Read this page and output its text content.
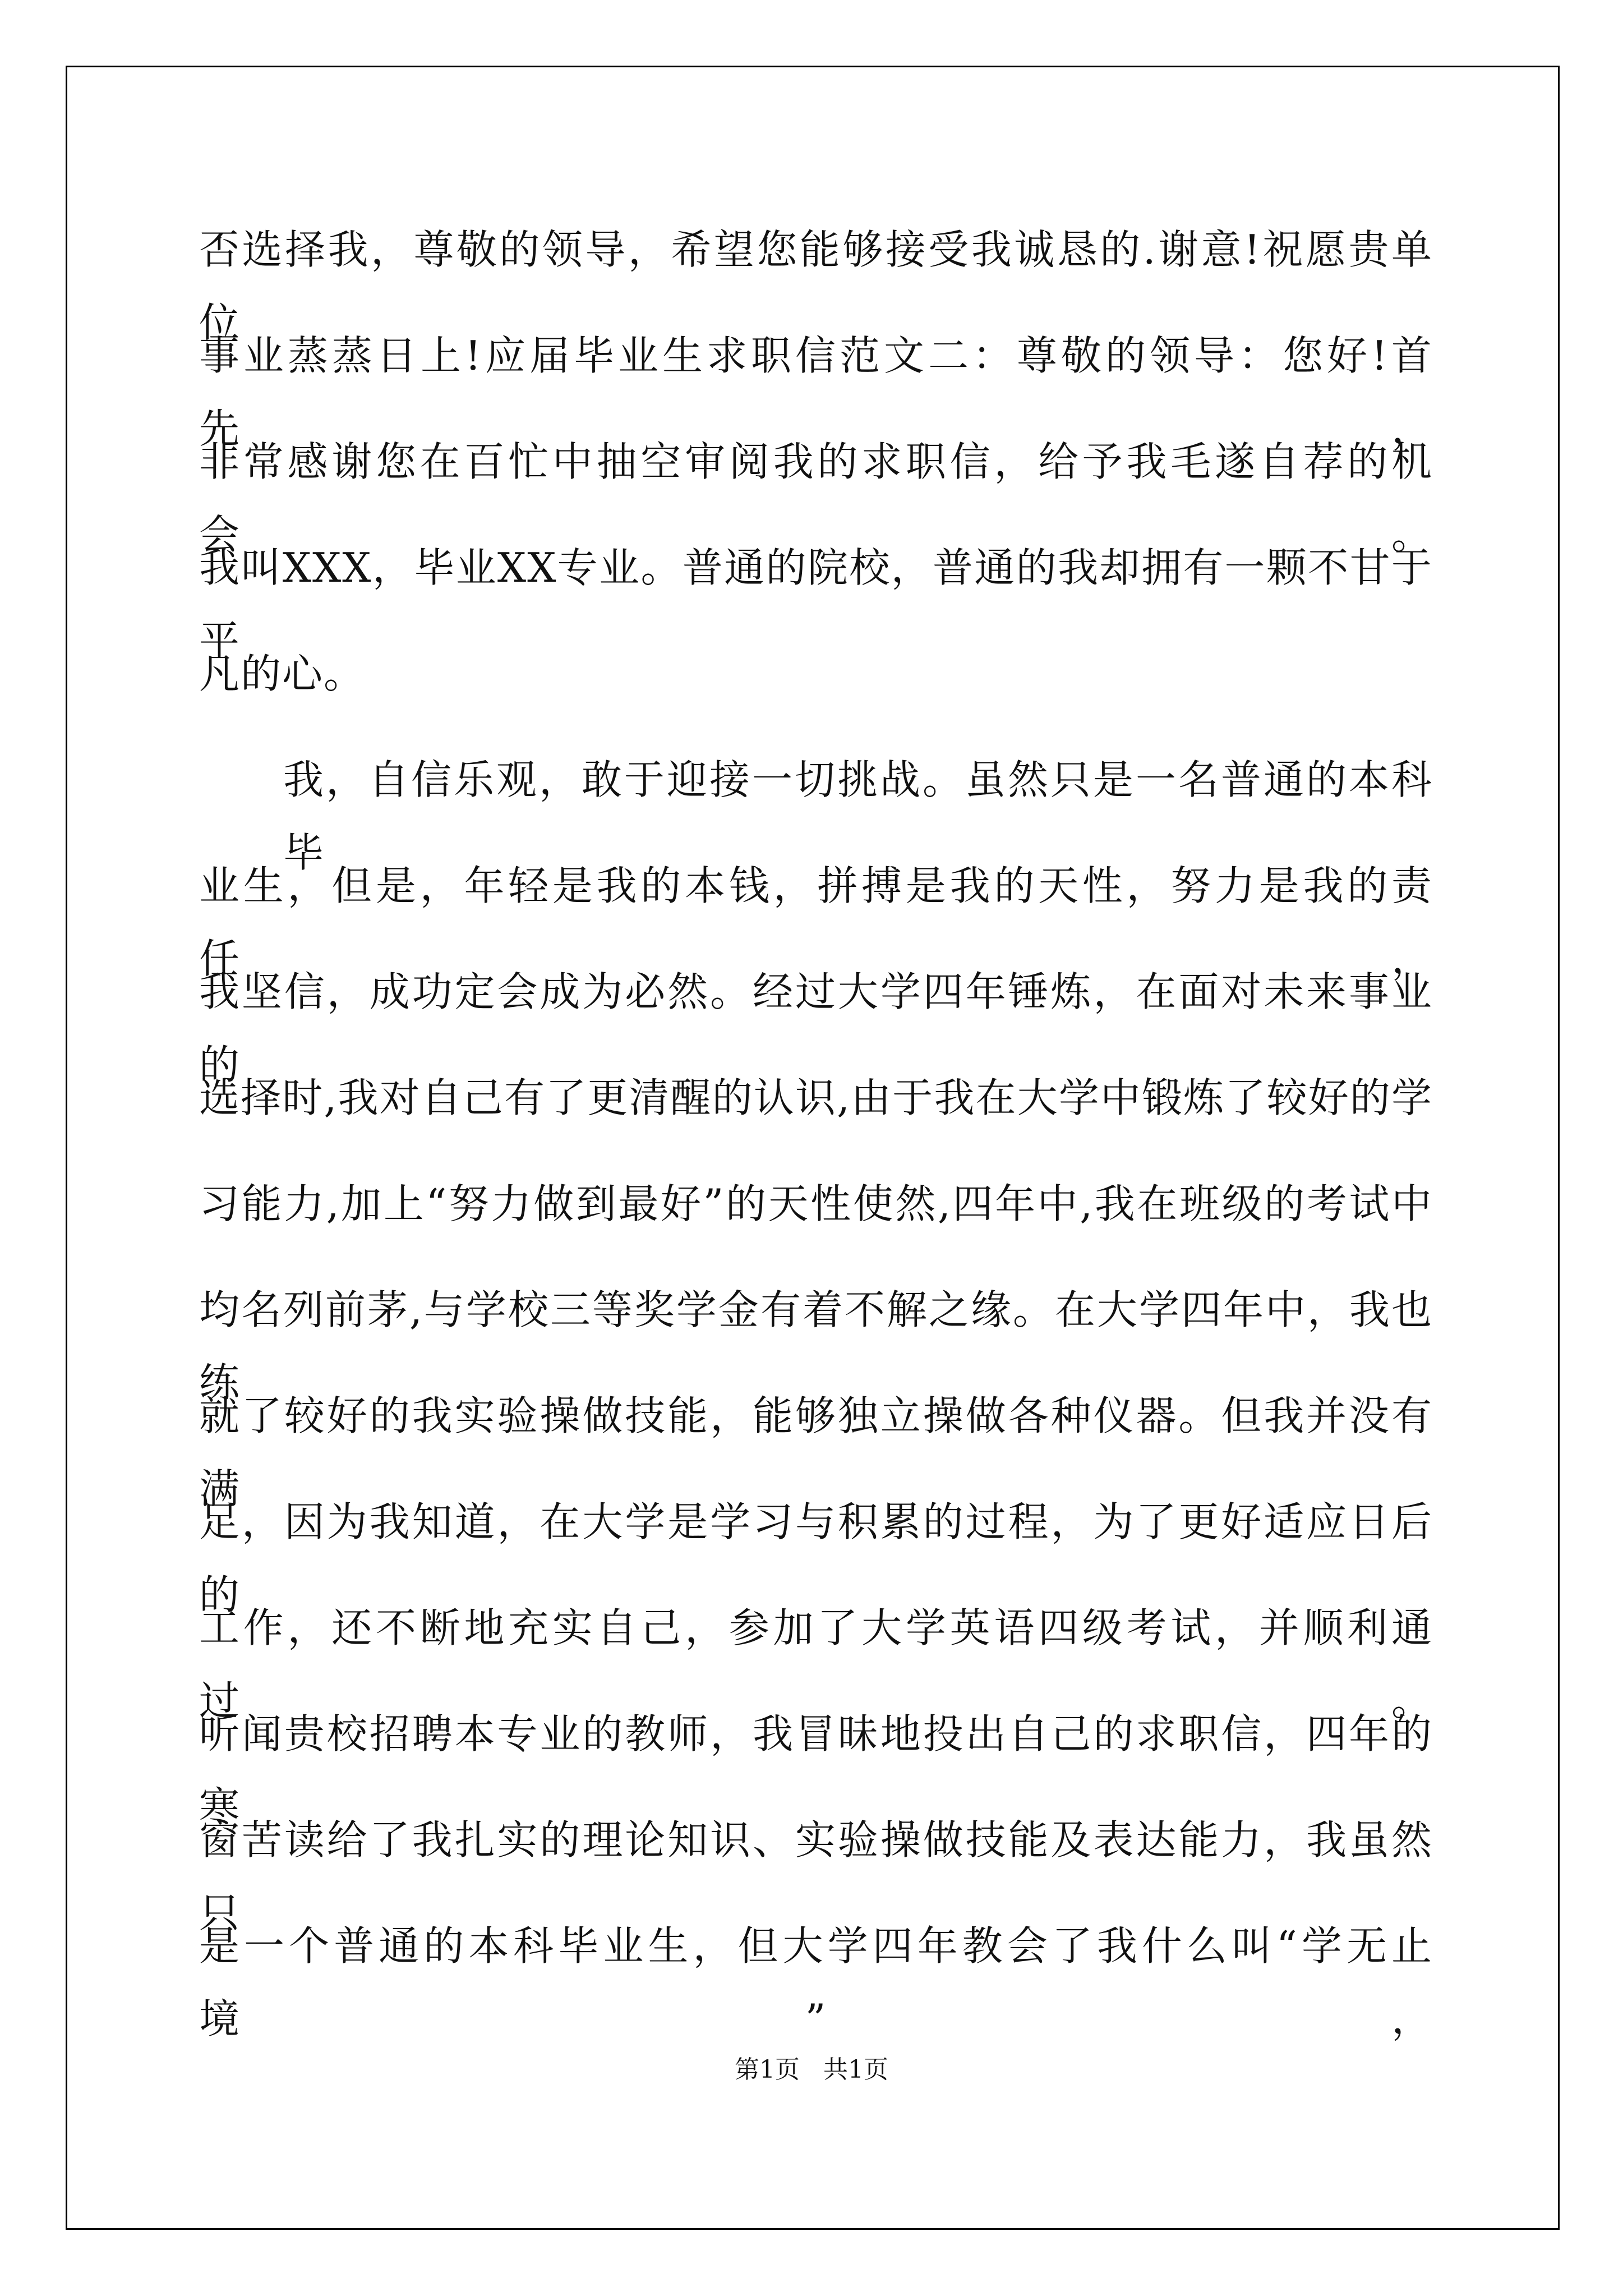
否选择我，尊敬的领导，希望您能够接受我诚恳的.谢意!祝愿贵单位
事业蒸蒸日上!应届毕业生求职信范文二：尊敬的领导：您好!首先，
非常感谢您在百忙中抽空审阅我的求职信，给予我毛遂自荐的机会。
我叫XXX，毕业XX专业。普通的院校，普通的我却拥有一颗不甘于平
凡的心。
我，自信乐观，敢于迎接一切挑战。虽然只是一名普通的本科毕
业生，但是，年轻是我的本钱，拼搏是我的天性，努力是我的责任，
我坚信，成功定会成为必然。经过大学四年锤炼，在面对未来事业的
选择时,我对自己有了更清醒的认识,由于我在大学中锻炼了较好的学
习能力,加上“努力做到最好”的天性使然,四年中,我在班级的考试中
均名列前茅,与学校三等奖学金有着不解之缘。在大学四年中，我也练
就了较好的我实验操做技能，能够独立操做各种仪器。但我并没有满
足，因为我知道，在大学是学习与积累的过程，为了更好适应日后的
工作，还不断地充实自己，参加了大学英语四级考试，并顺利通过。
听闻贵校招聘本专业的教师，我冒昧地投出自己的求职信，四年的寒
窗苦读给了我扎实的理论知识、实验操做技能及表达能力，我虽然只
是一个普通的本科毕业生，但大学四年教会了我什么叫“学无止境”，
第1页 共1页
